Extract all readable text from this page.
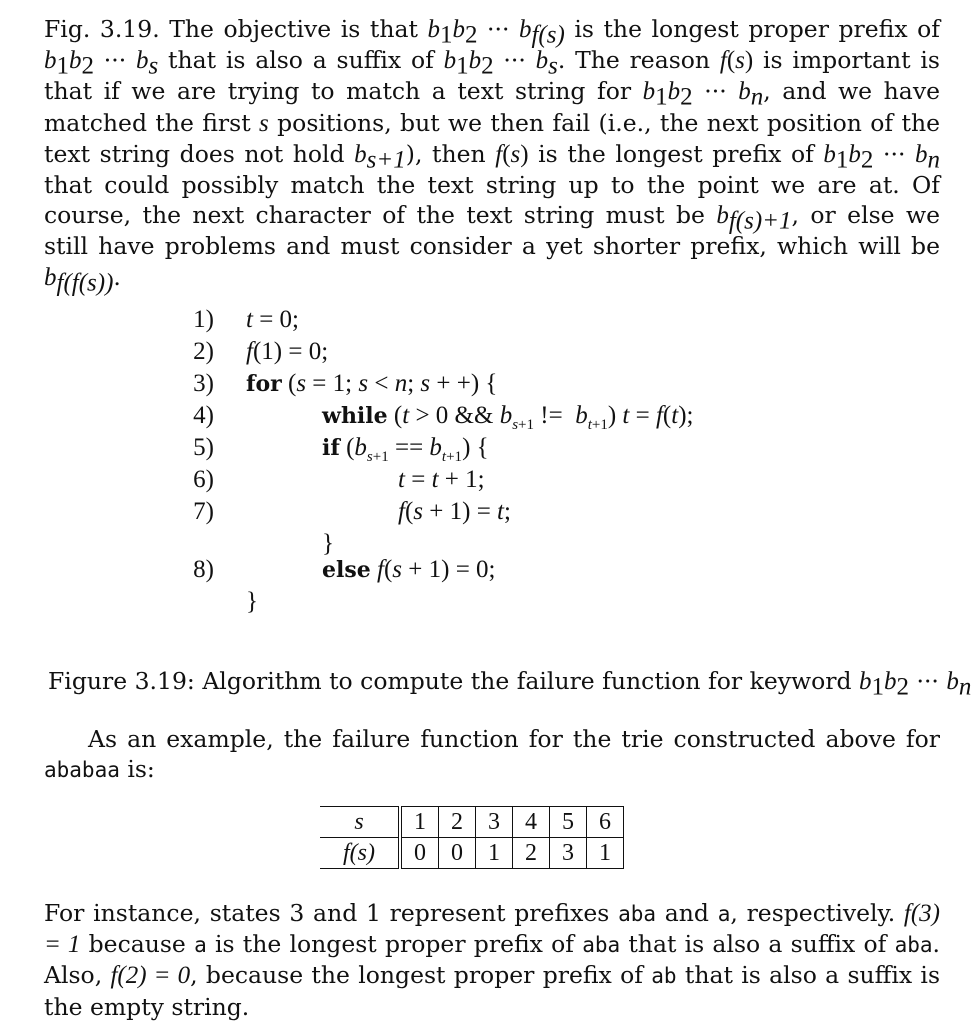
Fig. 3.19. The objective is that $b_1b_2$ ··· $b_{f(s)}$ is the longest proper prefix of $b_1b_2$ ··· $b_s$ that is also a suffix of $b_1b_2$ ··· $b_s$. The reason f(s) is important is that if we are trying to match a text string for $b_1b_2$ ··· $b_n$, and we have matched the first s positions, but we then fail (i.e., the next position of the text string does not hold $b_{s+1}$), then f(s) is the longest prefix of $b_1b_2$ ··· $b_n$ that could possibly match the text string up to the point we are at. Of course, the next character of the text string must be $b_{f(s)+1}$, or else we still have problems and must consider a yet shorter prefix, which will be $b_{f(f(s))}$.
1) t = 0;
2) f(1) = 0;
3) for (s = 1; s < n; s + +) {
4)	while (t > 0 && $b_{s+1}$ !=  $b_{t+1}$) t = f(t);
5)	if $(b_{s+1} == b_{t+1})$ {
6)	t = t + 1;
7)	f(s + 1) = t;
}
8)	else f(s + 1) = 0;
}
Figure 3.19: Algorithm to compute the failure function for keyword $b_1b_2$ ··· $b_n$
As an example, the failure function for the trie constructed above for ababaa is:
s	1	2	3	4	5	6
f(s)	0	0	1	2	3	1
For instance, states 3 and 1 represent prefixes aba and a, respectively. f(3) = 1 because a is the longest proper prefix of aba that is also a suffix of aba. Also, f(2) = 0, because the longest proper prefix of ab that is also a suffix is the empty string.
